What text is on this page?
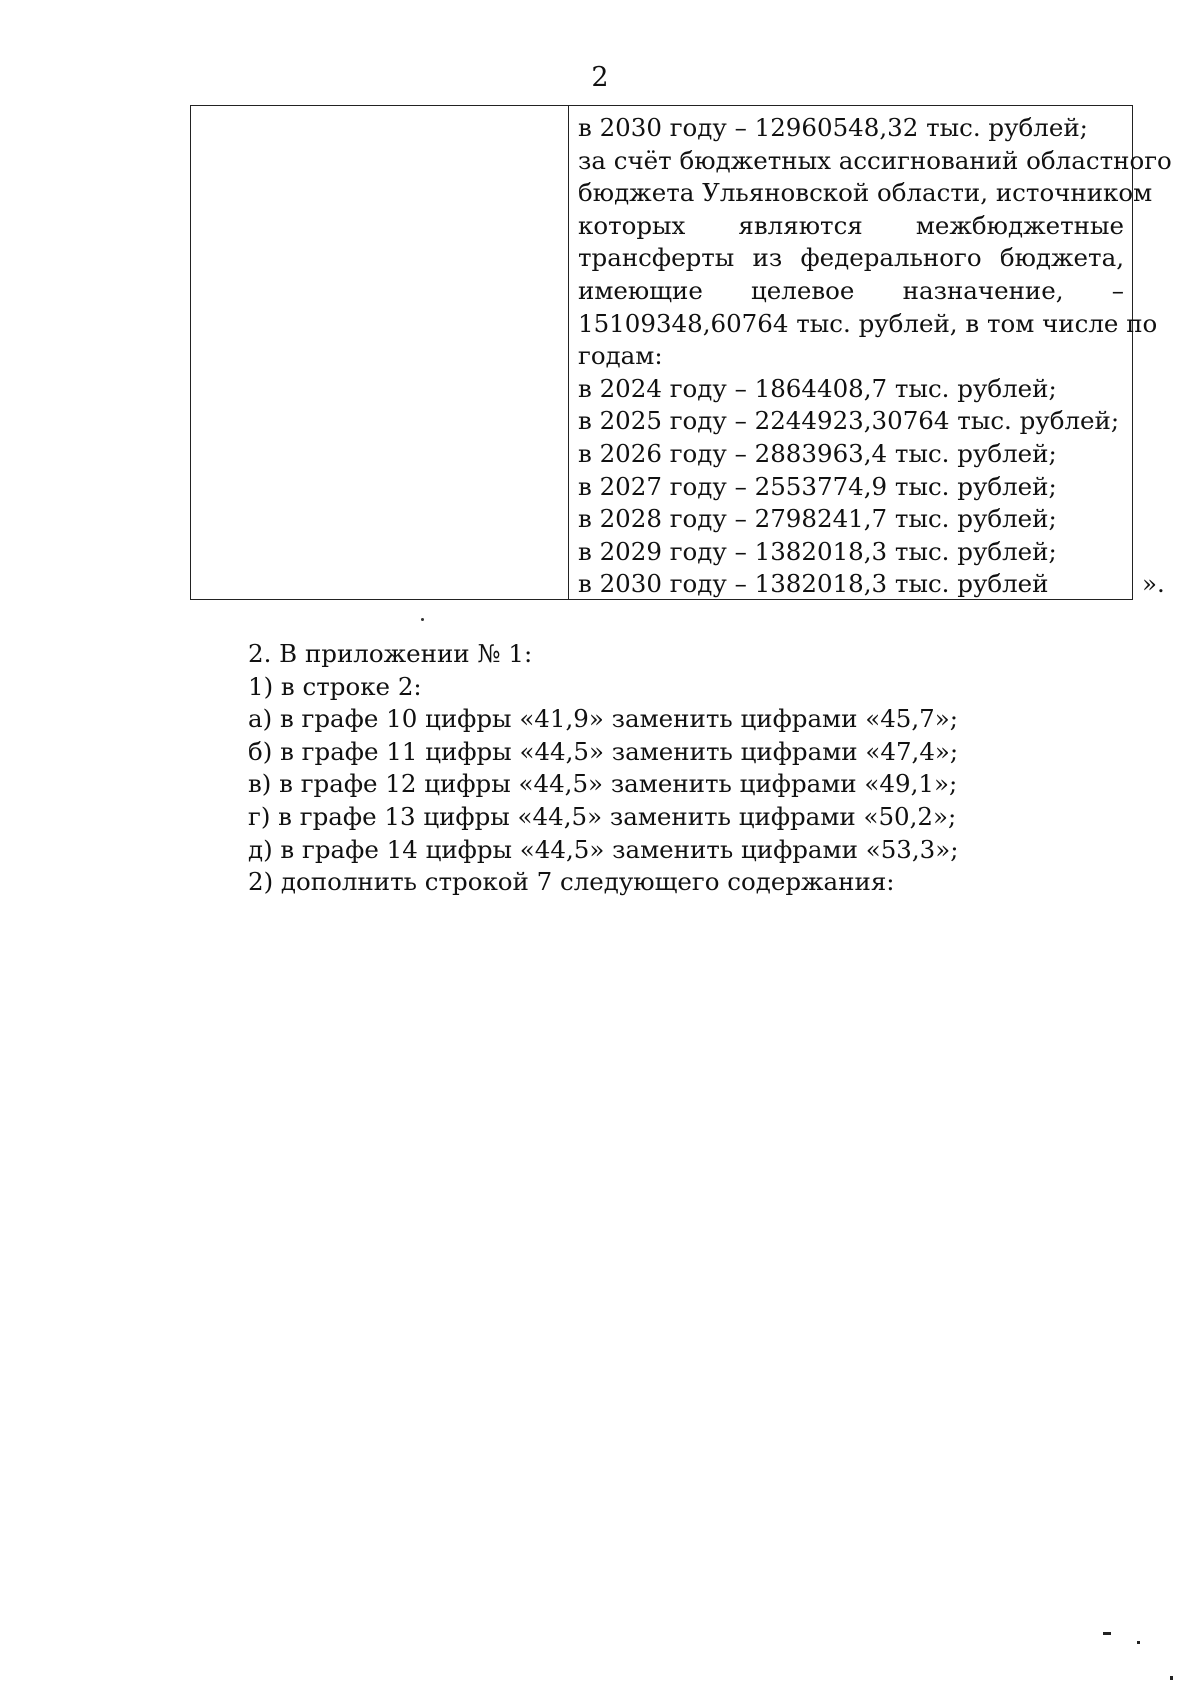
2
в 2030 году – 12960548,32 тыс. рублей;
за счёт бюджетных ассигнований областного
бюджета Ульяновской области, источником
которых являются межбюджетные
трансферты из федерального бюджета,
имеющие целевое назначение, –
15109348,60764 тыс. рублей, в том числе по
годам:
в 2024 году – 1864408,7 тыс. рублей;
в 2025 году – 2244923,30764 тыс. рублей;
в 2026 году – 2883963,4 тыс. рублей;
в 2027 году – 2553774,9 тыс. рублей;
в 2028 году – 2798241,7 тыс. рублей;
в 2029 году – 1382018,3 тыс. рублей;
в 2030 году – 1382018,3 тыс. рублей	».
2. В приложении № 1:
1) в строке 2:
а) в графе 10 цифры «41,9» заменить цифрами «45,7»;
б) в графе 11 цифры «44,5» заменить цифрами «47,4»;
в) в графе 12 цифры «44,5» заменить цифрами «49,1»;
г) в графе 13 цифры «44,5» заменить цифрами «50,2»;
д) в графе 14 цифры «44,5» заменить цифрами «53,3»;
2) дополнить строкой 7 следующего содержания:
